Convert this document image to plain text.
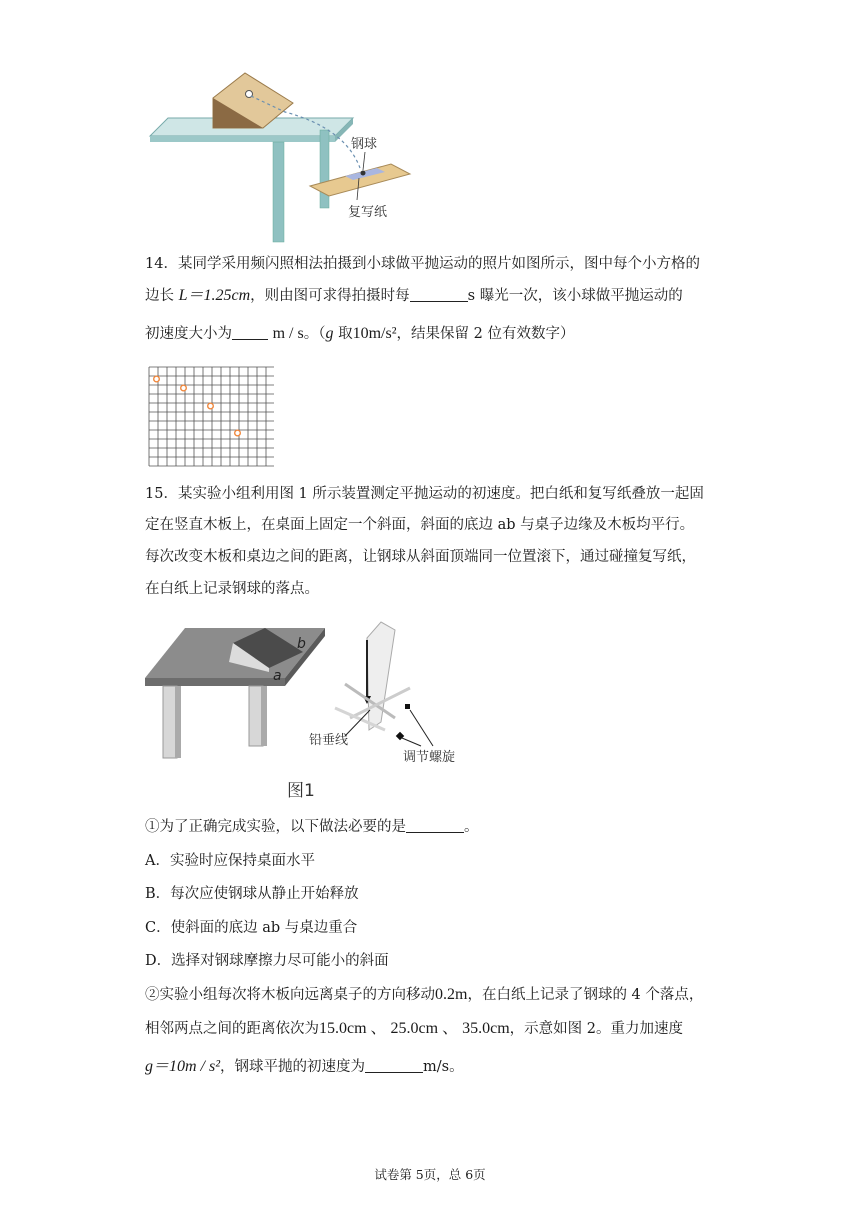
钢球
复写纸
14．某同学采用频闪照相法拍摄到小球做平抛运动的照片如图所示，图中每个小方格的
边长 L＝1.25cm，则由图可求得拍摄时每	s 曝光一次，该小球做平抛运动的
初速度大小为	m / s。（g 取10m/s²，结果保留 2 位有效数字）
15．某实验小组利用图 1 所示装置测定平抛运动的初速度。把白纸和复写纸叠放一起固
定在竖直木板上，在桌面上固定一个斜面，斜面的底边 ab 与桌子边缘及木板均平行。
每次改变木板和桌边之间的距离，让钢球从斜面顶端同一位置滚下，通过碰撞复写纸，
在白纸上记录钢球的落点。
b
a
铅垂线
调节螺旋
图1
①为了正确完成实验，以下做法必要的是	。
A．实验时应保持桌面水平
B．每次应使钢球从静止开始释放
C．使斜面的底边 ab 与桌边重合
D．选择对钢球摩擦力尽可能小的斜面
②实验小组每次将木板向远离桌子的方向移动0.2m，在白纸上记录了钢球的 4 个落点，
相邻两点之间的距离依次为15.0cm 、 25.0cm 、 35.0cm，示意如图 2。重力加速度
g＝10m / s²，钢球平抛的初速度为	m/s。
试卷第 5页，总 6页
